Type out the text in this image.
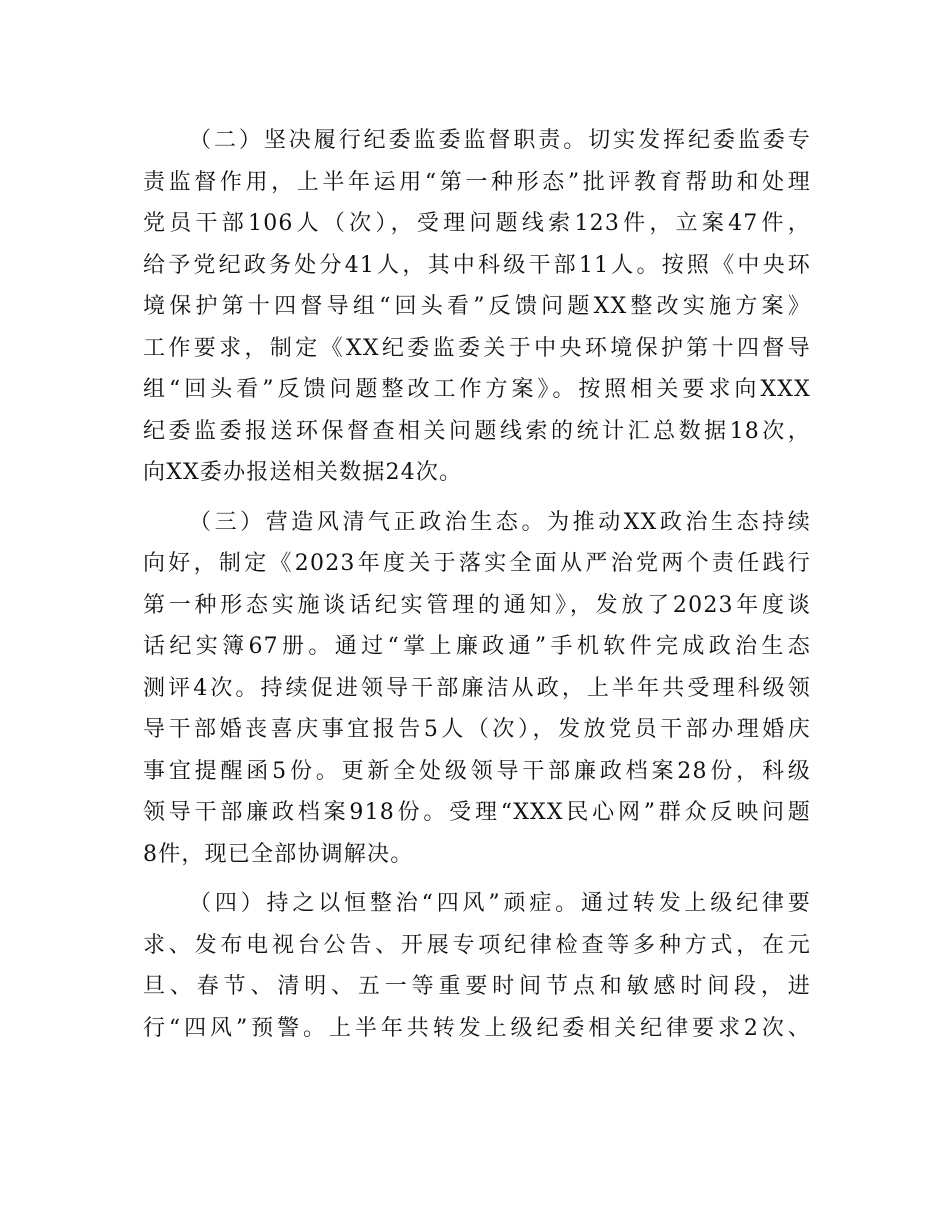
（二）坚决履行纪委监委监督职责。切实发挥纪委监委专
责监督作用，上半年运用“第一种形态”批评教育帮助和处理
党员干部106人（次），受理问题线索123件，立案47件，
给予党纪政务处分41人，其中科级干部11人。按照《中央环
境保护第十四督导组“回头看”反馈问题XX整改实施方案》
工作要求，制定《XX纪委监委关于中央环境保护第十四督导
组“回头看”反馈问题整改工作方案》。按照相关要求向XXX
纪委监委报送环保督查相关问题线索的统计汇总数据18次，
向XX委办报送相关数据24次。

（三）营造风清气正政治生态。为推动XX政治生态持续
向好，制定《2023年度关于落实全面从严治党两个责任践行
第一种形态实施谈话纪实管理的通知》，发放了2023年度谈
话纪实簿67册。通过“掌上廉政通”手机软件完成政治生态
测评4次。持续促进领导干部廉洁从政，上半年共受理科级领
导干部婚丧喜庆事宜报告5人（次），发放党员干部办理婚庆
事宜提醒函5份。更新全处级领导干部廉政档案28份，科级
领导干部廉政档案918份。受理“XXX民心网”群众反映问题
8件，现已全部协调解决。

（四）持之以恒整治“四风”顽症。通过转发上级纪律要
求、发布电视台公告、开展专项纪律检查等多种方式，在元
旦、春节、清明、五一等重要时间节点和敏感时间段，进
行“四风”预警。上半年共转发上级纪委相关纪律要求2次、
